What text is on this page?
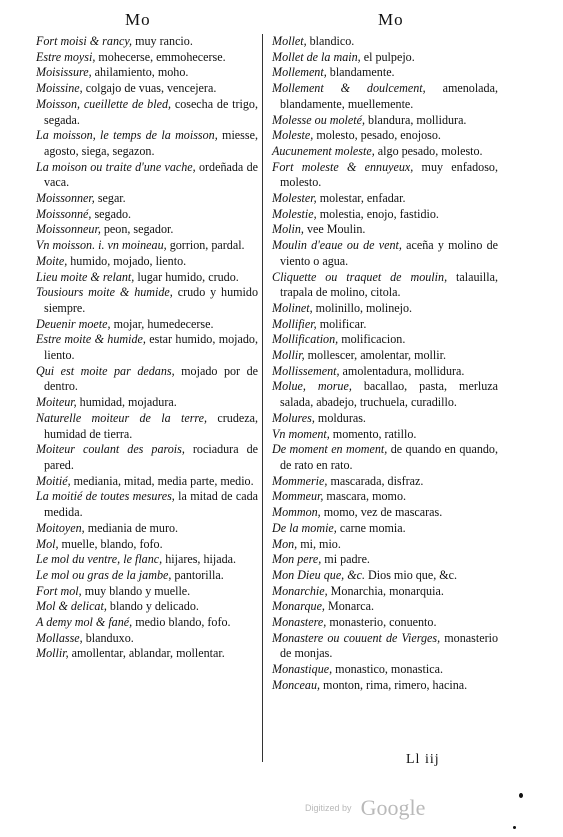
Mo	Mo

Fort moisi & rancy, muy rancio.

Estre moysi, mohecerse, emmohecerse.

Moisissure, ahilamiento, moho.

Moissine, colgajo de vuas, vencejera.

Moisson, cueillette de bled, cosecha de trigo, segada.

La moisson, le temps de la moisson, miesse, agosto, siega, segazon.

La moison ou traite d'une vache, ordeñada de vaca.

Moissonner, segar.

Moissonné, segado.

Moissonneur, peon, segador.

Vn moisson. i. vn moineau, gorrion, pardal.

Moite, humido, mojado, liento.

Lieu moite & relant, lugar humido, crudo.

Tousiours moite & humide, crudo y humido siempre.

Deuenir moete, mojar, humedecerse.

Estre moite & humide, estar humido, mojado, liento.

Qui est moite par dedans, mojado por de dentro.

Moiteur, humidad, mojadura.

Naturelle moiteur de la terre, crudeza, humidad de tierra.

Moiteur coulant des parois, rociadura de pared.

Moitié, mediania, mitad, media parte, medio.

La moitié de toutes mesures, la mitad de cada medida.

Moitoyen, mediania de muro.

Mol, muelle, blando, fofo.

Le mol du ventre, le flanc, hijares, hijada.

Le mol ou gras de la jambe, pantorilla.

Fort mol, muy blando y muelle.

Mol & delicat, blando y delicado.

A demy mol & fané, medio blando, fofo.

Mollasse, blanduxo.

Mollir, amollentar, ablandar, mollentar.

Mollet, blandico.

Mollet de la main, el pulpejo.

Mollement, blandamente.

Mollement & doulcement, amenolada, blandamente, muellemente.

Molesse ou moleté, blandura, mollidura.

Moleste, molesto, pesado, enojoso.

Aucunement moleste, algo pesado, molesto.

Fort moleste & ennuyeux, muy enfadoso, molesto.

Molester, molestar, enfadar.

Molestie, molestia, enojo, fastidio.

Molin, vee Moulin.

Moulin d'eaue ou de vent, aceña y molino de viento o agua.

Cliquette ou traquet de moulin, talauilla, trapala de molino, citola.

Molinet, molinillo, molinejo.

Mollifier, molificar.

Mollification, molificacion.

Mollir, mollescer, amolentar, mollir.

Mollissement, amolentadura, mollidura.

Molue, morue, bacallao, pasta, merluza salada, abadejo, truchuela, curadillo.

Molures, molduras.

Vn moment, momento, ratillo.

De moment en moment, de quando en quando, de rato en rato.

Mommerie, mascarada, disfraz.

Mommeur, mascara, momo.

Mommon, momo, vez de mascaras.

De la momie, carne momia.

Mon, mi, mio.

Mon pere, mi padre.

Mon Dieu que, &c. Dios mio que, &c.

Monarchie, Monarchia, monarquia.

Monarque, Monarca.

Monastere, monasterio, conuento.

Monastere ou couuent de Vierges, monasterio de monjas.

Monastique, monastico, monastica.

Monceau, monton, rima, rimero, hacina.

Ll iij
Digitized by Google
